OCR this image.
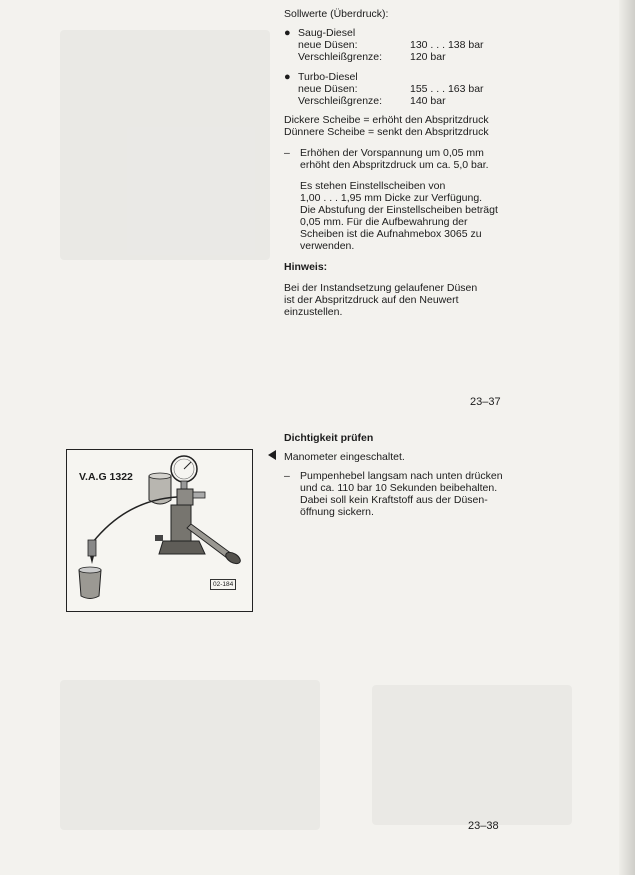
Sollwerte (Überdruck):

● Saug-Diesel

neue Düsen:	130 . . . 138 bar
Verschleißgrenze:	120 bar
● Turbo-Diesel

neue Düsen:	155 . . . 163 bar
Verschleißgrenze:	140 bar

Dickere Scheibe = erhöht den Abspritzdruck

Dünnere Scheibe = senkt den Abspritzdruck

– Erhöhen der Vorspannung um 0,05 mm

erhöht den Abspritzdruck um ca. 5,0 bar.

Es stehen Einstellscheiben von

1,00 . . . 1,95 mm Dicke zur Verfügung.

Die Abstufung der Einstellscheiben beträgt

0,05 mm. Für die Aufbewahrung der

Scheiben ist die Aufnahmebox 3065 zu

verwenden.

Hinweis:

Bei der Instandsetzung gelaufener Düsen

ist der Abspritzdruck auf den Neuwert

einzustellen.

23–37

Dichtigkeit prüfen

Manometer eingeschaltet.

– Pumpenhebel langsam nach unten drücken

und ca. 110 bar 10 Sekunden beibehalten.

Dabei soll kein Kraftstoff aus der Düsen-

öffnung sickern.

V.A.G 1322
02-184
23–38
